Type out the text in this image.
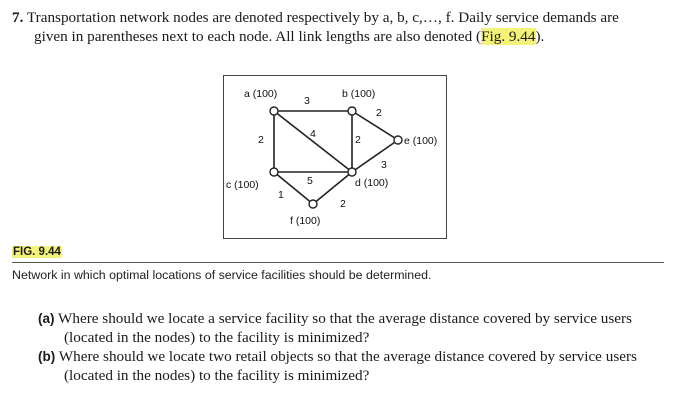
7. Transportation network nodes are denoted respectively by a, b, c,…, f. Daily service demands are
given in parentheses next to each node. All link lengths are also denoted (Fig. 9.44).
a (100)	b (100)
c (100)	d (100)
e (100)
f (100)
3
2	4	2
2
3
5
1
2
FIG. 9.44
Network in which optimal locations of service facilities should be determined.
(a) Where should we locate a service facility so that the average distance covered by service users
(located in the nodes) to the facility is minimized?
(b) Where should we locate two retail objects so that the average distance covered by service users
(located in the nodes) to the facility is minimized?
